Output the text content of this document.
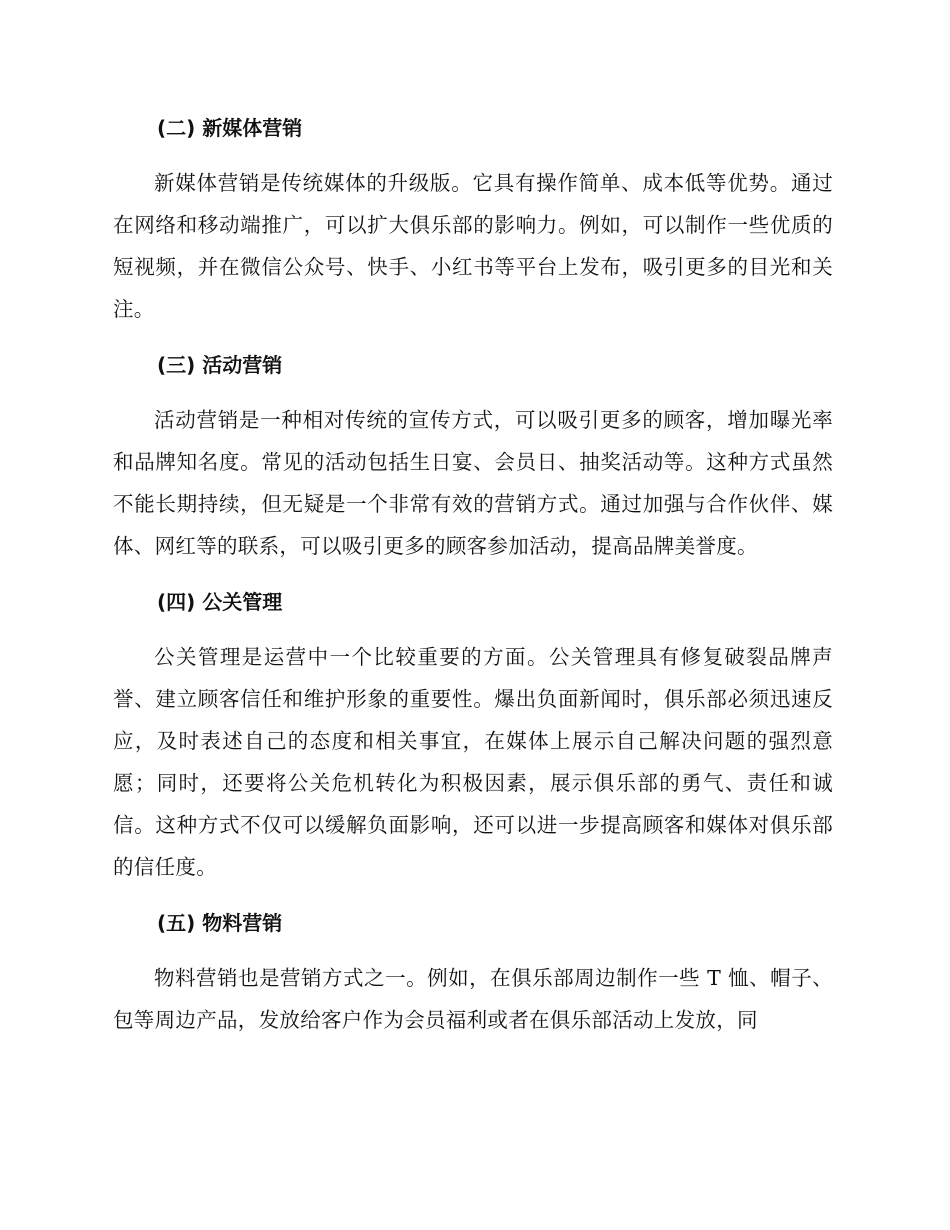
(二) 新媒体营销

新媒体营销是传统媒体的升级版。它具有操作简单、成本低等优势。通过在网络和移动端推广，可以扩大俱乐部的影响力。例如，可以制作一些优质的短视频，并在微信公众号、快手、小红书等平台上发布，吸引更多的目光和关注。

(三) 活动营销

活动营销是一种相对传统的宣传方式，可以吸引更多的顾客，增加曝光率和品牌知名度。常见的活动包括生日宴、会员日、抽奖活动等。这种方式虽然不能长期持续，但无疑是一个非常有效的营销方式。通过加强与合作伙伴、媒体、网红等的联系，可以吸引更多的顾客参加活动，提高品牌美誉度。

(四) 公关管理

公关管理是运营中一个比较重要的方面。公关管理具有修复破裂品牌声誉、建立顾客信任和维护形象的重要性。爆出负面新闻时，俱乐部必须迅速反应，及时表述自己的态度和相关事宜，在媒体上展示自己解决问题的强烈意愿；同时，还要将公关危机转化为积极因素，展示俱乐部的勇气、责任和诚信。这种方式不仅可以缓解负面影响，还可以进一步提高顾客和媒体对俱乐部的信任度。

(五) 物料营销

物料营销也是营销方式之一。例如，在俱乐部周边制作一些 T 恤、帽子、包等周边产品，发放给客户作为会员福利或者在俱乐部活动上发放，同
